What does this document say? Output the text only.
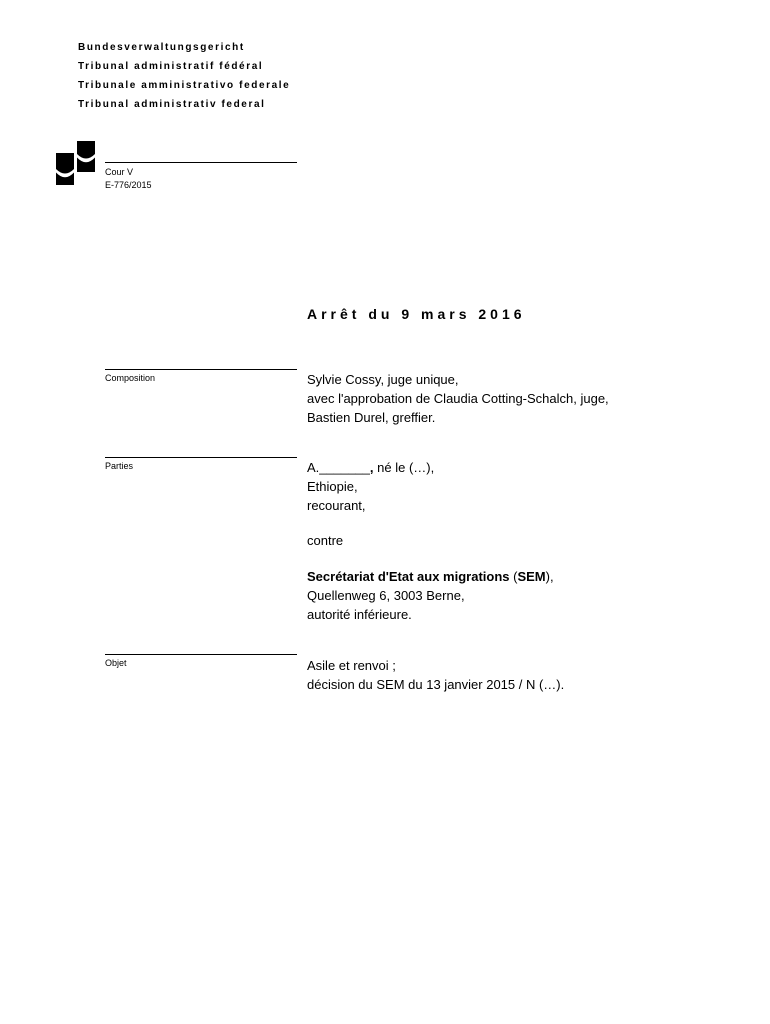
Bundesverwaltungsgericht
Tribunal administratif fédéral
Tribunale amministrativo federale
Tribunal administrativ federal
Cour V
E-776/2015
Arrêt du 9 mars 2016
Composition	Sylvie Cossy, juge unique,
avec l'approbation de Claudia Cotting-Schalch, juge,
Bastien Durel, greffier.
Parties	A._______, né le (…),
Ethiopie,
recourant,
contre
Secrétariat d'Etat aux migrations (SEM),
Quellenweg 6, 3003 Berne,
autorité inférieure.
Objet	Asile et renvoi ;
décision du SEM du 13 janvier 2015 / N (…).
